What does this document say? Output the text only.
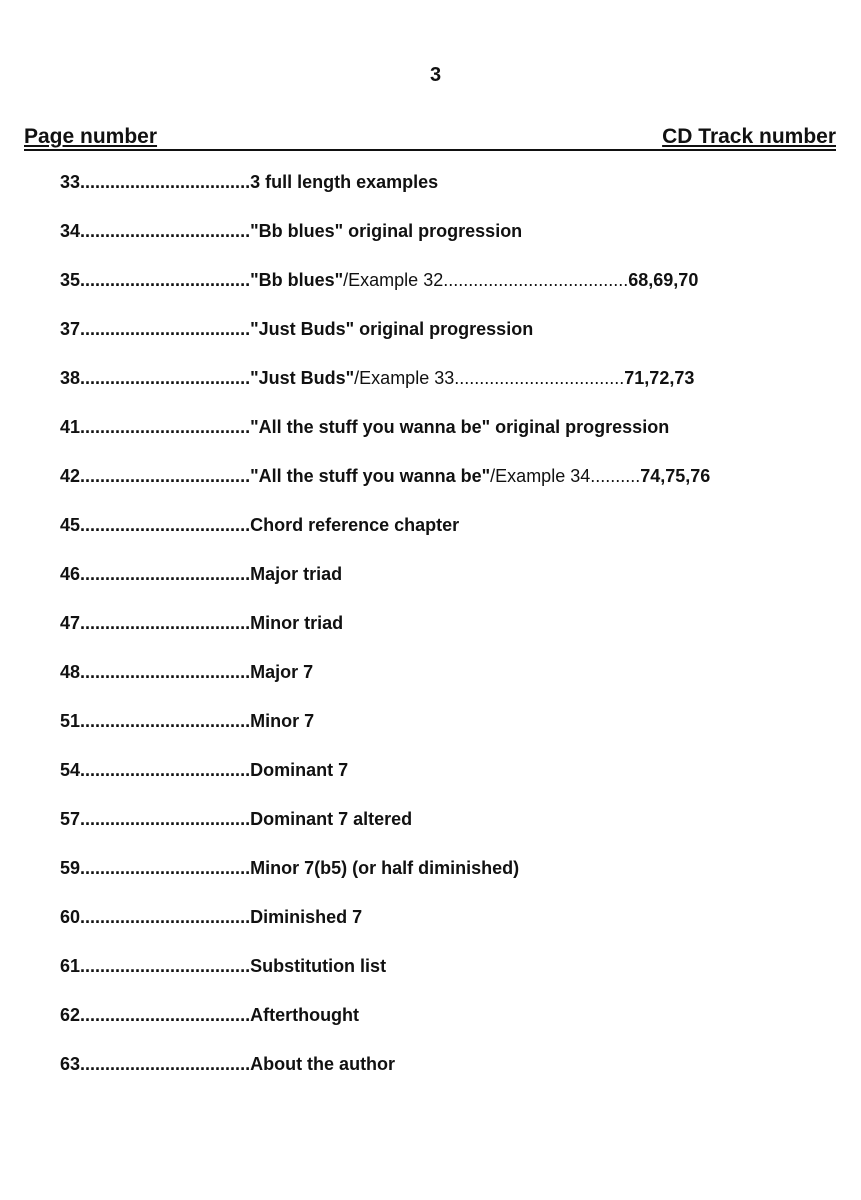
3
Page number	CD Track number
33..................................3 full length examples
34.................................."Bb blues" original progression
35.................................."Bb blues"/Example 32.....................................68,69,70
37.................................."Just Buds" original progression
38.................................."Just Buds"/Example 33..................................71,72,73
41.................................."All the stuff you wanna be" original progression
42.................................."All the stuff you wanna be"/Example 34..........74,75,76
45..................................Chord reference chapter
46..................................Major triad
47..................................Minor triad
48..................................Major 7
51..................................Minor 7
54..................................Dominant 7
57..................................Dominant 7 altered
59..................................Minor 7(b5) (or half diminished)
60..................................Diminished 7
61..................................Substitution list
62..................................Afterthought
63..................................About the author
